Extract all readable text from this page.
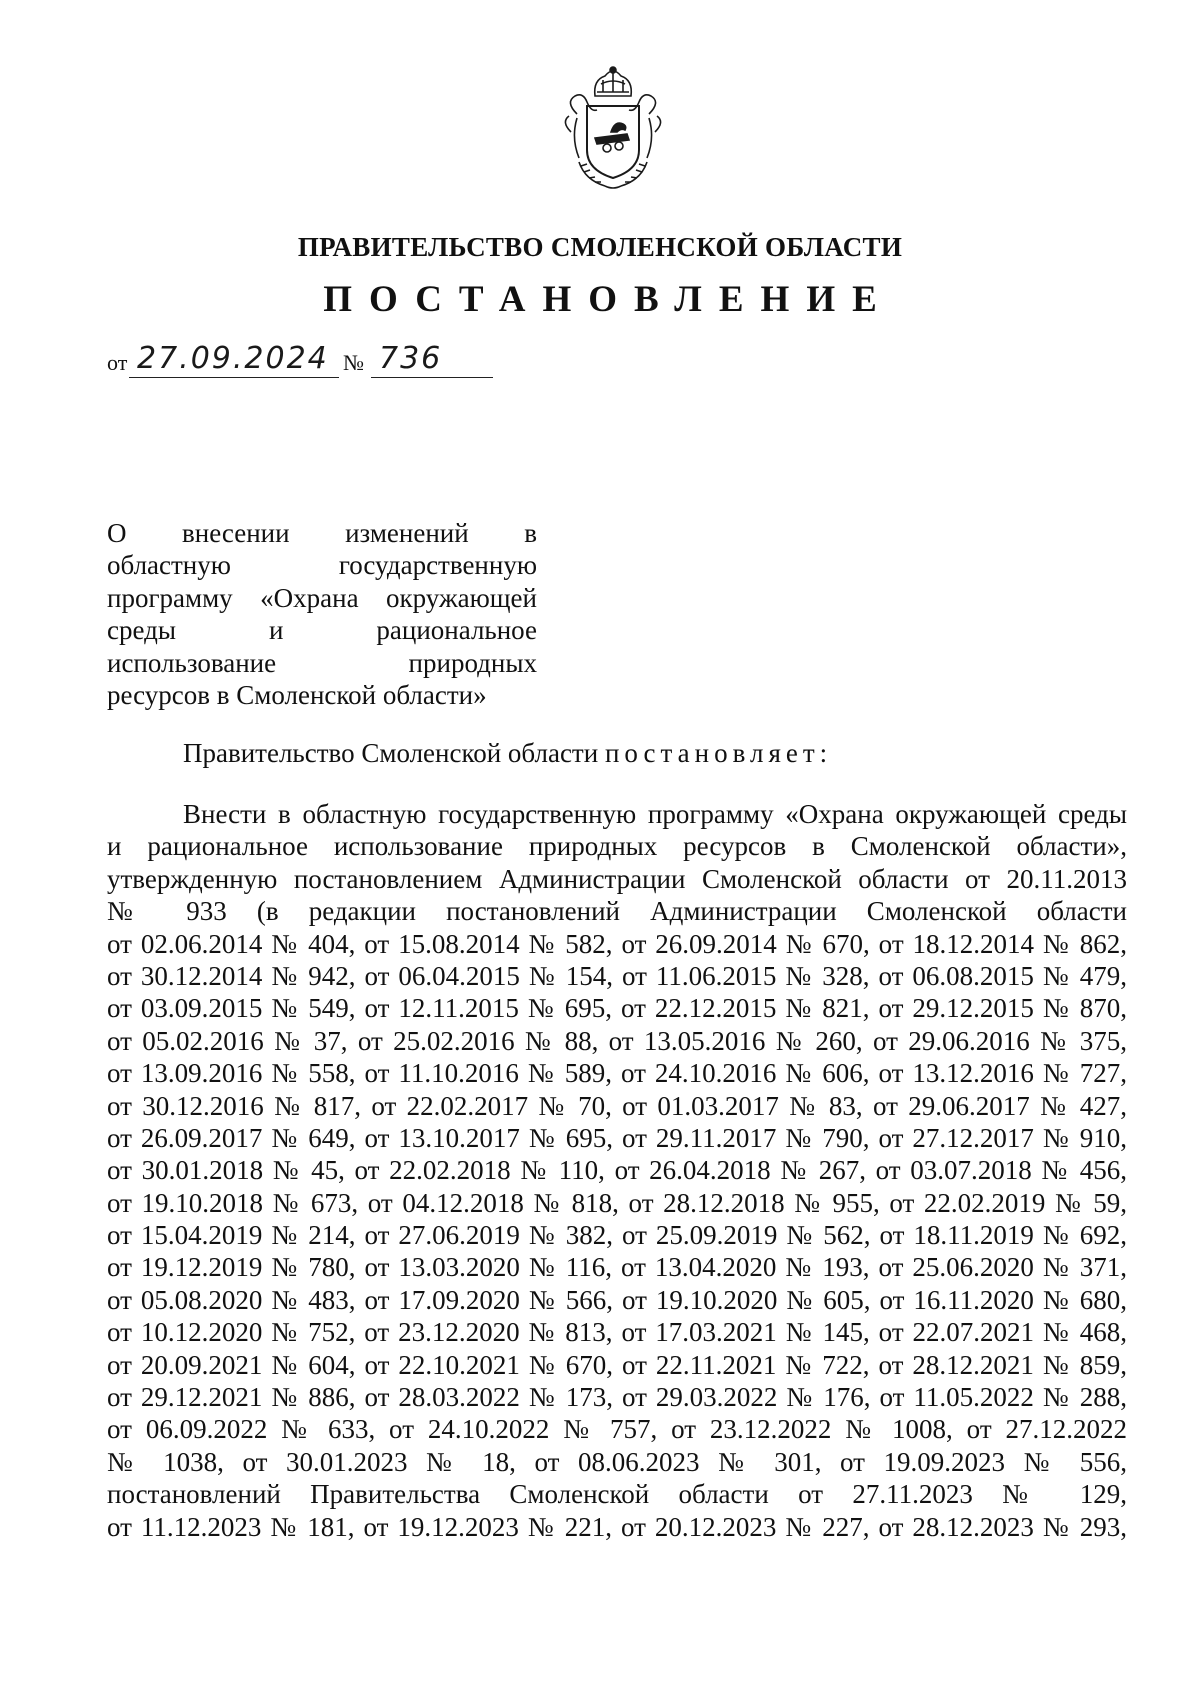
ПРАВИТЕЛЬСТВО СМОЛЕНСКОЙ ОБЛАСТИ
ПОСТАНОВЛЕНИЕ
от 27.09.2024 № 736

О внесении изменений в

областную государственную

программу «Охрана окружающей

среды и рациональное

использование природных

ресурсов в Смоленской области»

Правительство Смоленской области постановляет:
Внести в областную государственную программу «Охрана окружающей среды
и рациональное использование природных ресурсов в Смоленской области»,
утвержденную постановлением Администрации Смоленской области от 20.11.2013
№ 933 (в редакции постановлений Администрации Смоленской области
от 02.06.2014 № 404, от 15.08.2014 № 582, от 26.09.2014 № 670, от 18.12.2014 № 862,
от 30.12.2014 № 942, от 06.04.2015 № 154, от 11.06.2015 № 328, от 06.08.2015 № 479,
от 03.09.2015 № 549, от 12.11.2015 № 695, от 22.12.2015 № 821, от 29.12.2015 № 870,
от 05.02.2016 № 37, от 25.02.2016 № 88, от 13.05.2016 № 260, от 29.06.2016 № 375,
от 13.09.2016 № 558, от 11.10.2016 № 589, от 24.10.2016 № 606, от 13.12.2016 № 727,
от 30.12.2016 № 817, от 22.02.2017 № 70, от 01.03.2017 № 83, от 29.06.2017 № 427,
от 26.09.2017 № 649, от 13.10.2017 № 695, от 29.11.2017 № 790, от 27.12.2017 № 910,
от 30.01.2018 № 45, от 22.02.2018 № 110, от 26.04.2018 № 267, от 03.07.2018 № 456,
от 19.10.2018 № 673, от 04.12.2018 № 818, от 28.12.2018 № 955, от 22.02.2019 № 59,
от 15.04.2019 № 214, от 27.06.2019 № 382, от 25.09.2019 № 562, от 18.11.2019 № 692,
от 19.12.2019 № 780, от 13.03.2020 № 116, от 13.04.2020 № 193, от 25.06.2020 № 371,
от 05.08.2020 № 483, от 17.09.2020 № 566, от 19.10.2020 № 605, от 16.11.2020 № 680,
от 10.12.2020 № 752, от 23.12.2020 № 813, от 17.03.2021 № 145, от 22.07.2021 № 468,
от 20.09.2021 № 604, от 22.10.2021 № 670, от 22.11.2021 № 722, от 28.12.2021 № 859,
от 29.12.2021 № 886, от 28.03.2022 № 173, от 29.03.2022 № 176, от 11.05.2022 № 288,
от 06.09.2022 № 633, от 24.10.2022 № 757, от 23.12.2022 № 1008, от 27.12.2022
№ 1038, от 30.01.2023 № 18, от 08.06.2023 № 301, от 19.09.2023 № 556,
постановлений Правительства Смоленской области от 27.11.2023 № 129,
от 11.12.2023 № 181, от 19.12.2023 № 221, от 20.12.2023 № 227, от 28.12.2023 № 293,
